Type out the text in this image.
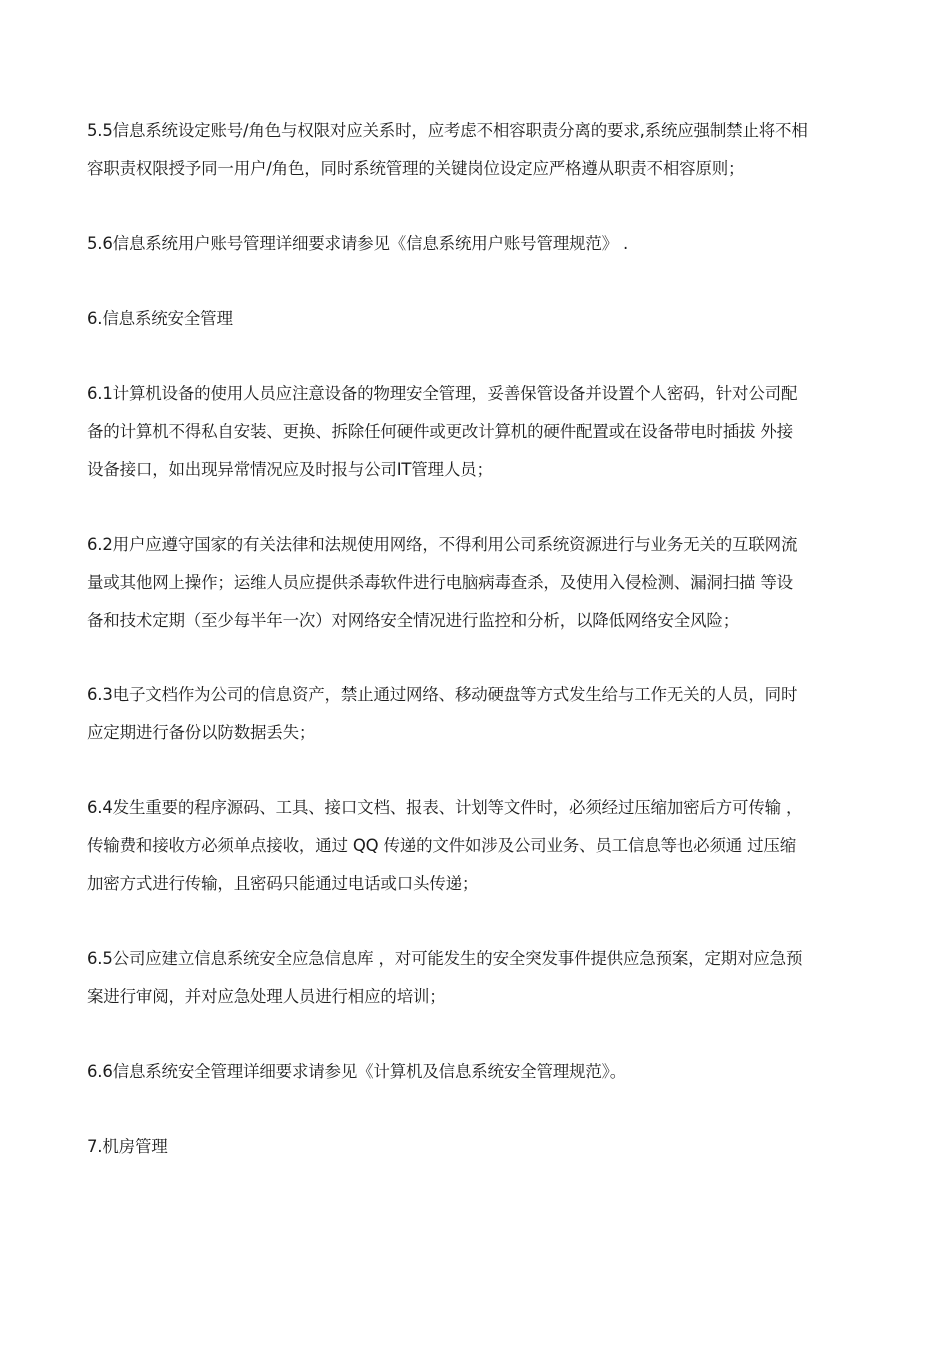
5.5信息系统设定账号/角色与权限对应关系时，应考虑不相容职责分离的要求,系统应强制禁止将不相
容职责权限授予同一用户/角色，同时系统管理的关键岗位设定应严格遵从职责不相容原则；

5.6信息系统用户账号管理详细要求请参见《信息系统用户账号管理规范》 .

6.信息系统安全管理

6.1计算机设备的使用人员应注意设备的物理安全管理，妥善保管设备并设置个人密码，针对公司配
备的计算机不得私自安装、更换、拆除任何硬件或更改计算机的硬件配置或在设备带电时插拔 外接
设备接口，如出现异常情况应及时报与公司IT管理人员；

6.2用户应遵守国家的有关法律和法规使用网络，不得利用公司系统资源进行与业务无关的互联网流
量或其他网上操作；运维人员应提供杀毒软件进行电脑病毒查杀，及使用入侵检测、漏洞扫描 等设
备和技术定期（至少每半年一次）对网络安全情况进行监控和分析，以降低网络安全风险；

6.3电子文档作为公司的信息资产，禁止通过网络、移动硬盘等方式发生给与工作无关的人员，同时
应定期进行备份以防数据丢失；

6.4发生重要的程序源码、工具、接口文档、报表、计划等文件时，必须经过压缩加密后方可传输 ，
传输费和接收方必须单点接收，通过 QQ 传递的文件如涉及公司业务、员工信息等也必须通 过压缩
加密方式进行传输，且密码只能通过电话或口头传递；

6.5公司应建立信息系统安全应急信息库 ，对可能发生的安全突发事件提供应急预案，定期对应急预
案进行审阅，并对应急处理人员进行相应的培训；

6.6信息系统安全管理详细要求请参见《计算机及信息系统安全管理规范》。

7.机房管理
